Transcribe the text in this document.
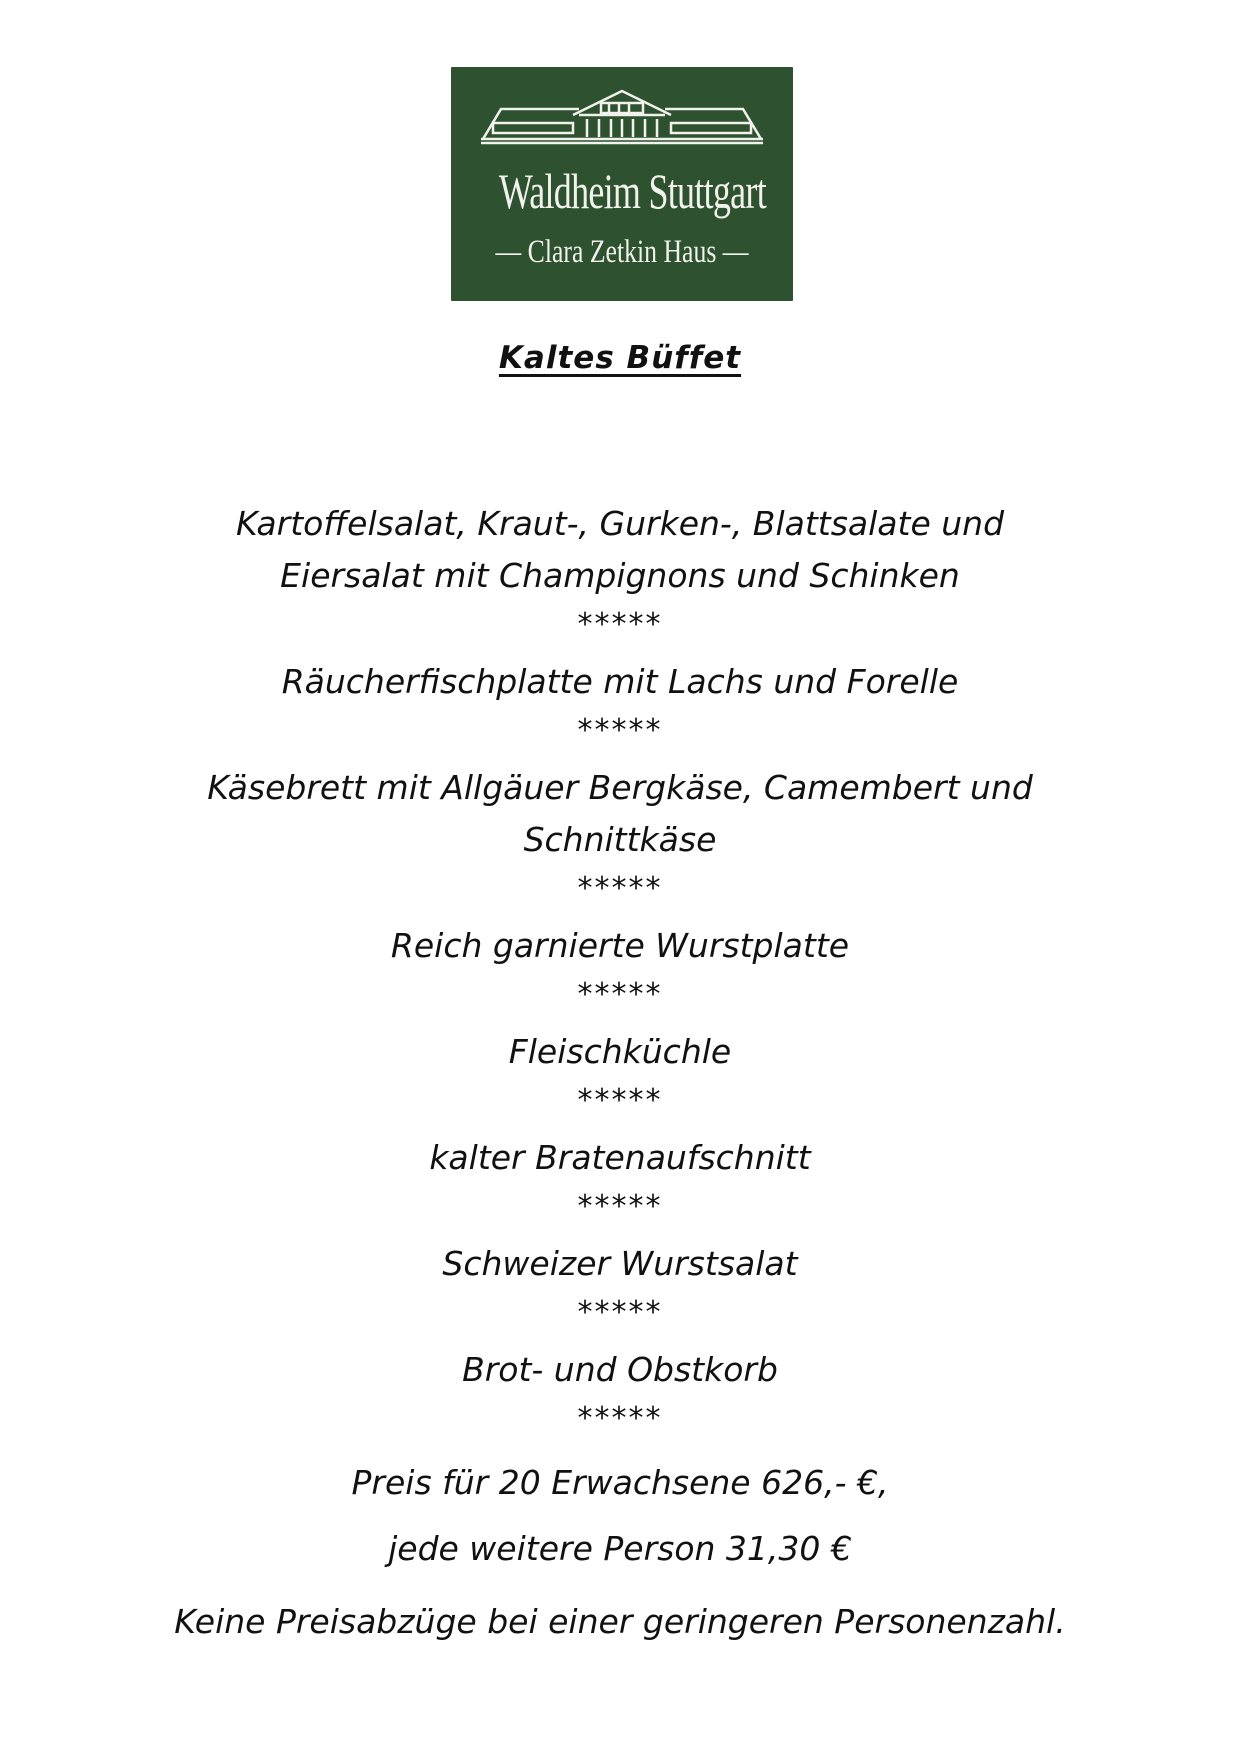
Waldheim Stuttgart
— Clara Zetkin Haus —
Kaltes Büffet
Kartoffelsalat, Kraut-, Gurken-, Blattsalate und
Eiersalat mit Champignons und Schinken
*****
Räucherfischplatte mit Lachs und Forelle
*****
Käsebrett mit Allgäuer Bergkäse, Camembert und
Schnittkäse
*****
Reich garnierte Wurstplatte
*****
Fleischküchle
*****
kalter Bratenaufschnitt
*****
Schweizer Wurstsalat
*****
Brot- und Obstkorb
*****
Preis für 20 Erwachsene 626,- €,
jede weitere Person 31,30 €
Keine Preisabzüge bei einer geringeren Personenzahl.
